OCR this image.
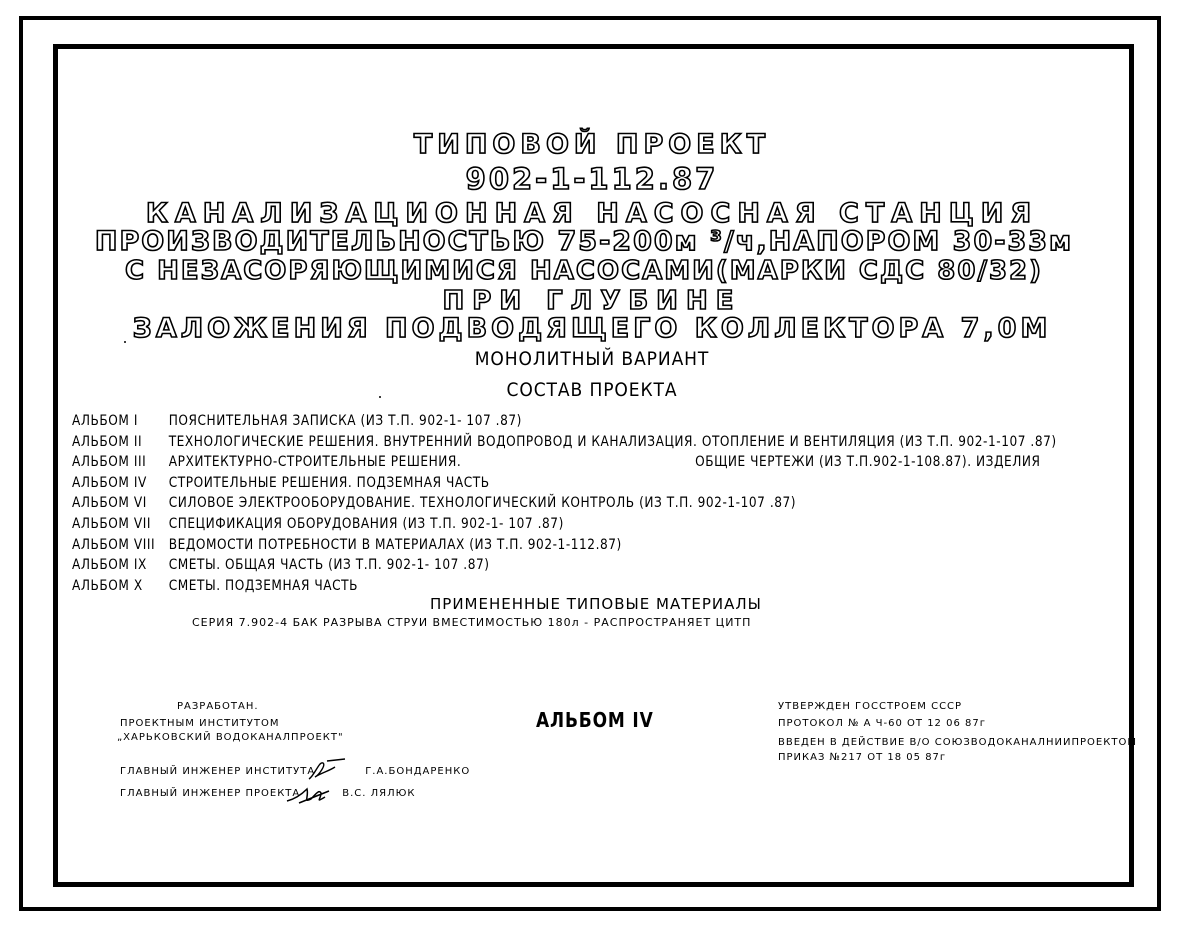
ТИПОВОЙ ПРОЕКТ
902-1-112.87
КАНАЛИЗАЦИОННАЯ НАСОСНАЯ СТАНЦИЯ
ПРОИЗВОДИТЕЛЬНОСТЬЮ 75-200м ³/ч,НАПОРОМ 30-33м
С НЕЗАСОРЯЮЩИМИСЯ НАСОСАМИ(МАРКИ СДС 80/32)
ПРИ ГЛУБИНЕ
ЗАЛОЖЕНИЯ ПОДВОДЯЩЕГО КОЛЛЕКТОРА 7,0М

МОНОЛИТНЫЙ ВАРИАНТ

СОСТАВ ПРОЕКТА

АЛЬБОМ I ПОЯСНИТЕЛЬНАЯ ЗАПИСКА (ИЗ Т.П. 902-1- 107 .87)
АЛЬБОМ II ТЕХНОЛОГИЧЕСКИЕ РЕШЕНИЯ. ВНУТРЕННИЙ ВОДОПРОВОД И КАНАЛИЗАЦИЯ. ОТОПЛЕНИЕ И ВЕНТИЛЯЦИЯ (ИЗ Т.П. 902-1-107 .87)
АЛЬБОМ III АРХИТЕКТУРНО-СТРОИТЕЛЬНЫЕ РЕШЕНИЯ.	ОБЩИЕ ЧЕРТЕЖИ (ИЗ Т.П.902-1-108.87). ИЗДЕЛИЯ
АЛЬБОМ IV СТРОИТЕЛЬНЫЕ РЕШЕНИЯ. ПОДЗЕМНАЯ ЧАСТЬ
АЛЬБОМ VI СИЛОВОЕ ЭЛЕКТРООБОРУДОВАНИЕ. ТЕХНОЛОГИЧЕСКИЙ КОНТРОЛЬ (ИЗ Т.П. 902-1-107 .87)
АЛЬБОМ VII СПЕЦИФИКАЦИЯ ОБОРУДОВАНИЯ (ИЗ Т.П. 902-1- 107 .87)
АЛЬБОМ VIII ВЕДОМОСТИ ПОТРЕБНОСТИ В МАТЕРИАЛАХ (ИЗ Т.П. 902-1-112.87)
АЛЬБОМ IX СМЕТЫ. ОБЩАЯ ЧАСТЬ (ИЗ Т.П. 902-1- 107 .87)
АЛЬБОМ X СМЕТЫ. ПОДЗЕМНАЯ ЧАСТЬ

ПРИМЕНЕННЫЕ ТИПОВЫЕ МАТЕРИАЛЫ

СЕРИЯ 7.902-4 БАК РАЗРЫВА СТРУИ ВМЕСТИМОСТЬЮ 180л - РАСПРОСТРАНЯЕТ ЦИТП

РАЗРАБОТАН.

ПРОЕКТНЫМ ИНСТИТУТОМ

„ХАРЬКОВСКИЙ ВОДОКАНАЛПРОЕКТ"

ГЛАВНЫЙ ИНЖЕНЕР ИНСТИТУТА	Г.А.БОНДАРЕНКО

ГЛАВНЫЙ ИНЖЕНЕР ПРОЕКТА	В.С. ЛЯЛЮК

АЛЬБОМ IV

УТВЕРЖДЕН ГОССТРОЕМ СССР

ПРОТОКОЛ № А Ч-60 ОТ 12 06 87г

ВВЕДЕН В ДЕЙСТВИЕ В/О СОЮЗВОДОКАНАЛНИИПРОЕКТОМ

ПРИКАЗ №217 ОТ 18 05 87г
